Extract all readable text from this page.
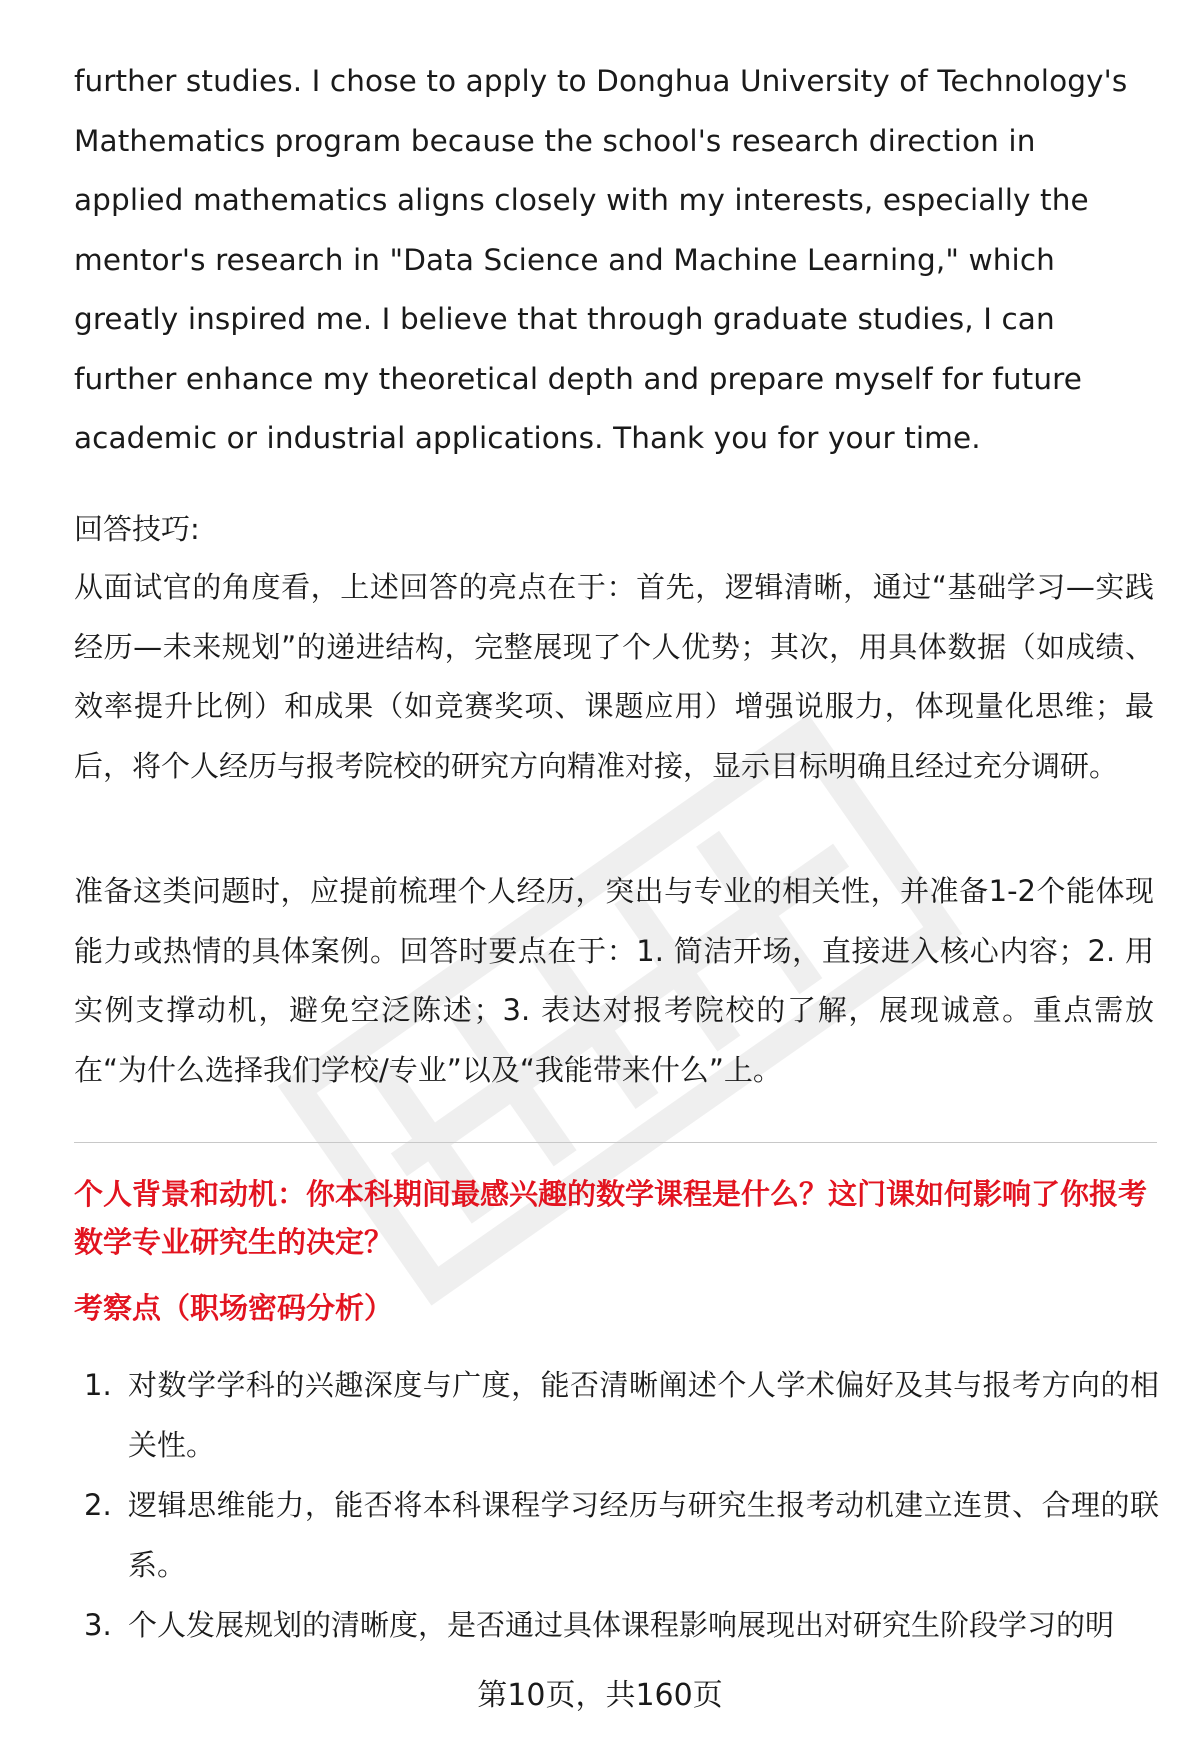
further studies. I chose to apply to Donghua University of Technology's Mathematics program because the school's research direction in applied mathematics aligns closely with my interests, especially the mentor's research in "Data Science and Machine Learning," which greatly inspired me. I believe that through graduate studies, I can further enhance my theoretical depth and prepare myself for future academic or industrial applications. Thank you for your time.

回答技巧:

从面试官的角度看，上述回答的亮点在于：首先，逻辑清晰，通过“基础学习—实践经历—未来规划”的递进结构，完整展现了个人优势；其次，用具体数据（如成绩、效率提升比例）和成果（如竞赛奖项、课题应用）增强说服力，体现量化思维；最后，将个人经历与报考院校的研究方向精准对接，显示目标明确且经过充分调研。

准备这类问题时，应提前梳理个人经历，突出与专业的相关性，并准备1-2个能体现能力或热情的具体案例。回答时要点在于：1. 简洁开场，直接进入核心内容；2. 用实例支撑动机，避免空泛陈述；3. 表达对报考院校的了解，展现诚意。重点需放在“为什么选择我们学校/专业”以及“我能带来什么”上。

个人背景和动机：你本科期间最感兴趣的数学课程是什么？这门课如何影响了你报考数学专业研究生的决定？
考察点（职场密码分析）
1. 对数学学科的兴趣深度与广度，能否清晰阐述个人学术偏好及其与报考方向的相关性。
2. 逻辑思维能力，能否将本科课程学习经历与研究生报考动机建立连贯、合理的联系。
3. 个人发展规划的清晰度，是否通过具体课程影响展现出对研究生阶段学习的明
第10页，共160页
